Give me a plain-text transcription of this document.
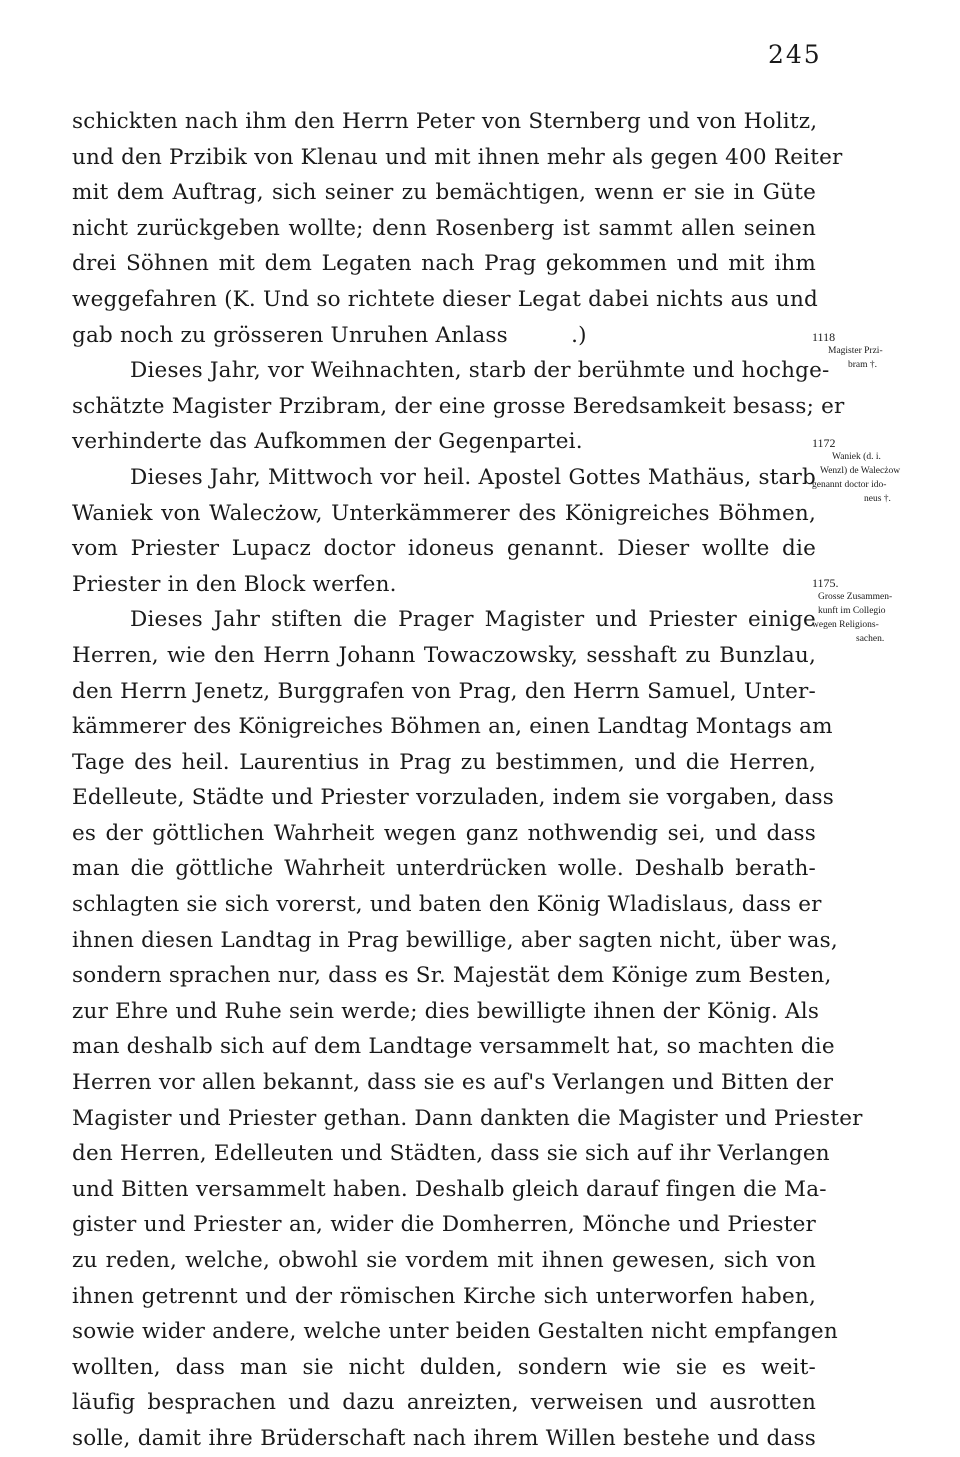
245
schickten nach ihm den Herrn Peter von Sternberg und von Holitz,
und den Przibik von Klenau und mit ihnen mehr als gegen 400 Reiter
mit dem Auftrag, sich seiner zu bemächtigen, wenn er sie in Güte
nicht zurückgeben wollte; denn Rosenberg ist sammt allen seinen
drei Söhnen mit dem Legaten nach Prag gekommen und mit ihm
weggefahren (K. Und so richtete dieser Legat dabei nichts aus und
gab noch zu grösseren Unruhen Anlass         .)
Dieses Jahr, vor Weihnachten, starb der berühmte und hochge-
schätzte Magister Przibram, der eine grosse Beredsamkeit besass; er
verhinderte das Aufkommen der Gegenpartei.
Dieses Jahr, Mittwoch vor heil. Apostel Gottes Mathäus, starb
Waniek von Walecżow, Unterkämmerer des Königreiches Böhmen,
vom Priester Lupacz doctor idoneus genannt. Dieser wollte die
Priester in den Block werfen.
Dieses Jahr stiften die Prager Magister und Priester einige
Herren, wie den Herrn Johann Towaczowsky, sesshaft zu Bunzlau,
den Herrn Jenetz, Burggrafen von Prag, den Herrn Samuel, Unter-
kämmerer des Königreiches Böhmen an, einen Landtag Montags am
Tage des heil. Laurentius in Prag zu bestimmen, und die Herren,
Edelleute, Städte und Priester vorzuladen, indem sie vorgaben, dass
es der göttlichen Wahrheit wegen ganz nothwendig sei, und dass
man die göttliche Wahrheit unterdrücken wolle. Deshalb berath-
schlagten sie sich vorerst, und baten den König Wladislaus, dass er
ihnen diesen Landtag in Prag bewillige, aber sagten nicht, über was,
sondern sprachen nur, dass es Sr. Majestät dem Könige zum Besten,
zur Ehre und Ruhe sein werde; dies bewilligte ihnen der König. Als
man deshalb sich auf dem Landtage versammelt hat, so machten die
Herren vor allen bekannt, dass sie es auf's Verlangen und Bitten der
Magister und Priester gethan. Dann dankten die Magister und Priester
den Herren, Edelleuten und Städten, dass sie sich auf ihr Verlangen
und Bitten versammelt haben. Deshalb gleich darauf fingen die Ma-
gister und Priester an, wider die Domherren, Mönche und Priester
zu reden, welche, obwohl sie vordem mit ihnen gewesen, sich von
ihnen getrennt und der römischen Kirche sich unterworfen haben,
sowie wider andere, welche unter beiden Gestalten nicht empfangen
wollten, dass man sie nicht dulden, sondern wie sie es weit-
läufig besprachen und dazu anreizten, verweisen und ausrotten
solle, damit ihre Brüderschaft nach ihrem Willen bestehe und dass
1118
Magister Przi-
bram †.
1172
Waniek (d. i.
Wenzl) de Walecżow
genannt doctor ido-
neus †.
1175.
Grosse Zusammen-
kunft im Collegio
wegen Religions-
sachen.
